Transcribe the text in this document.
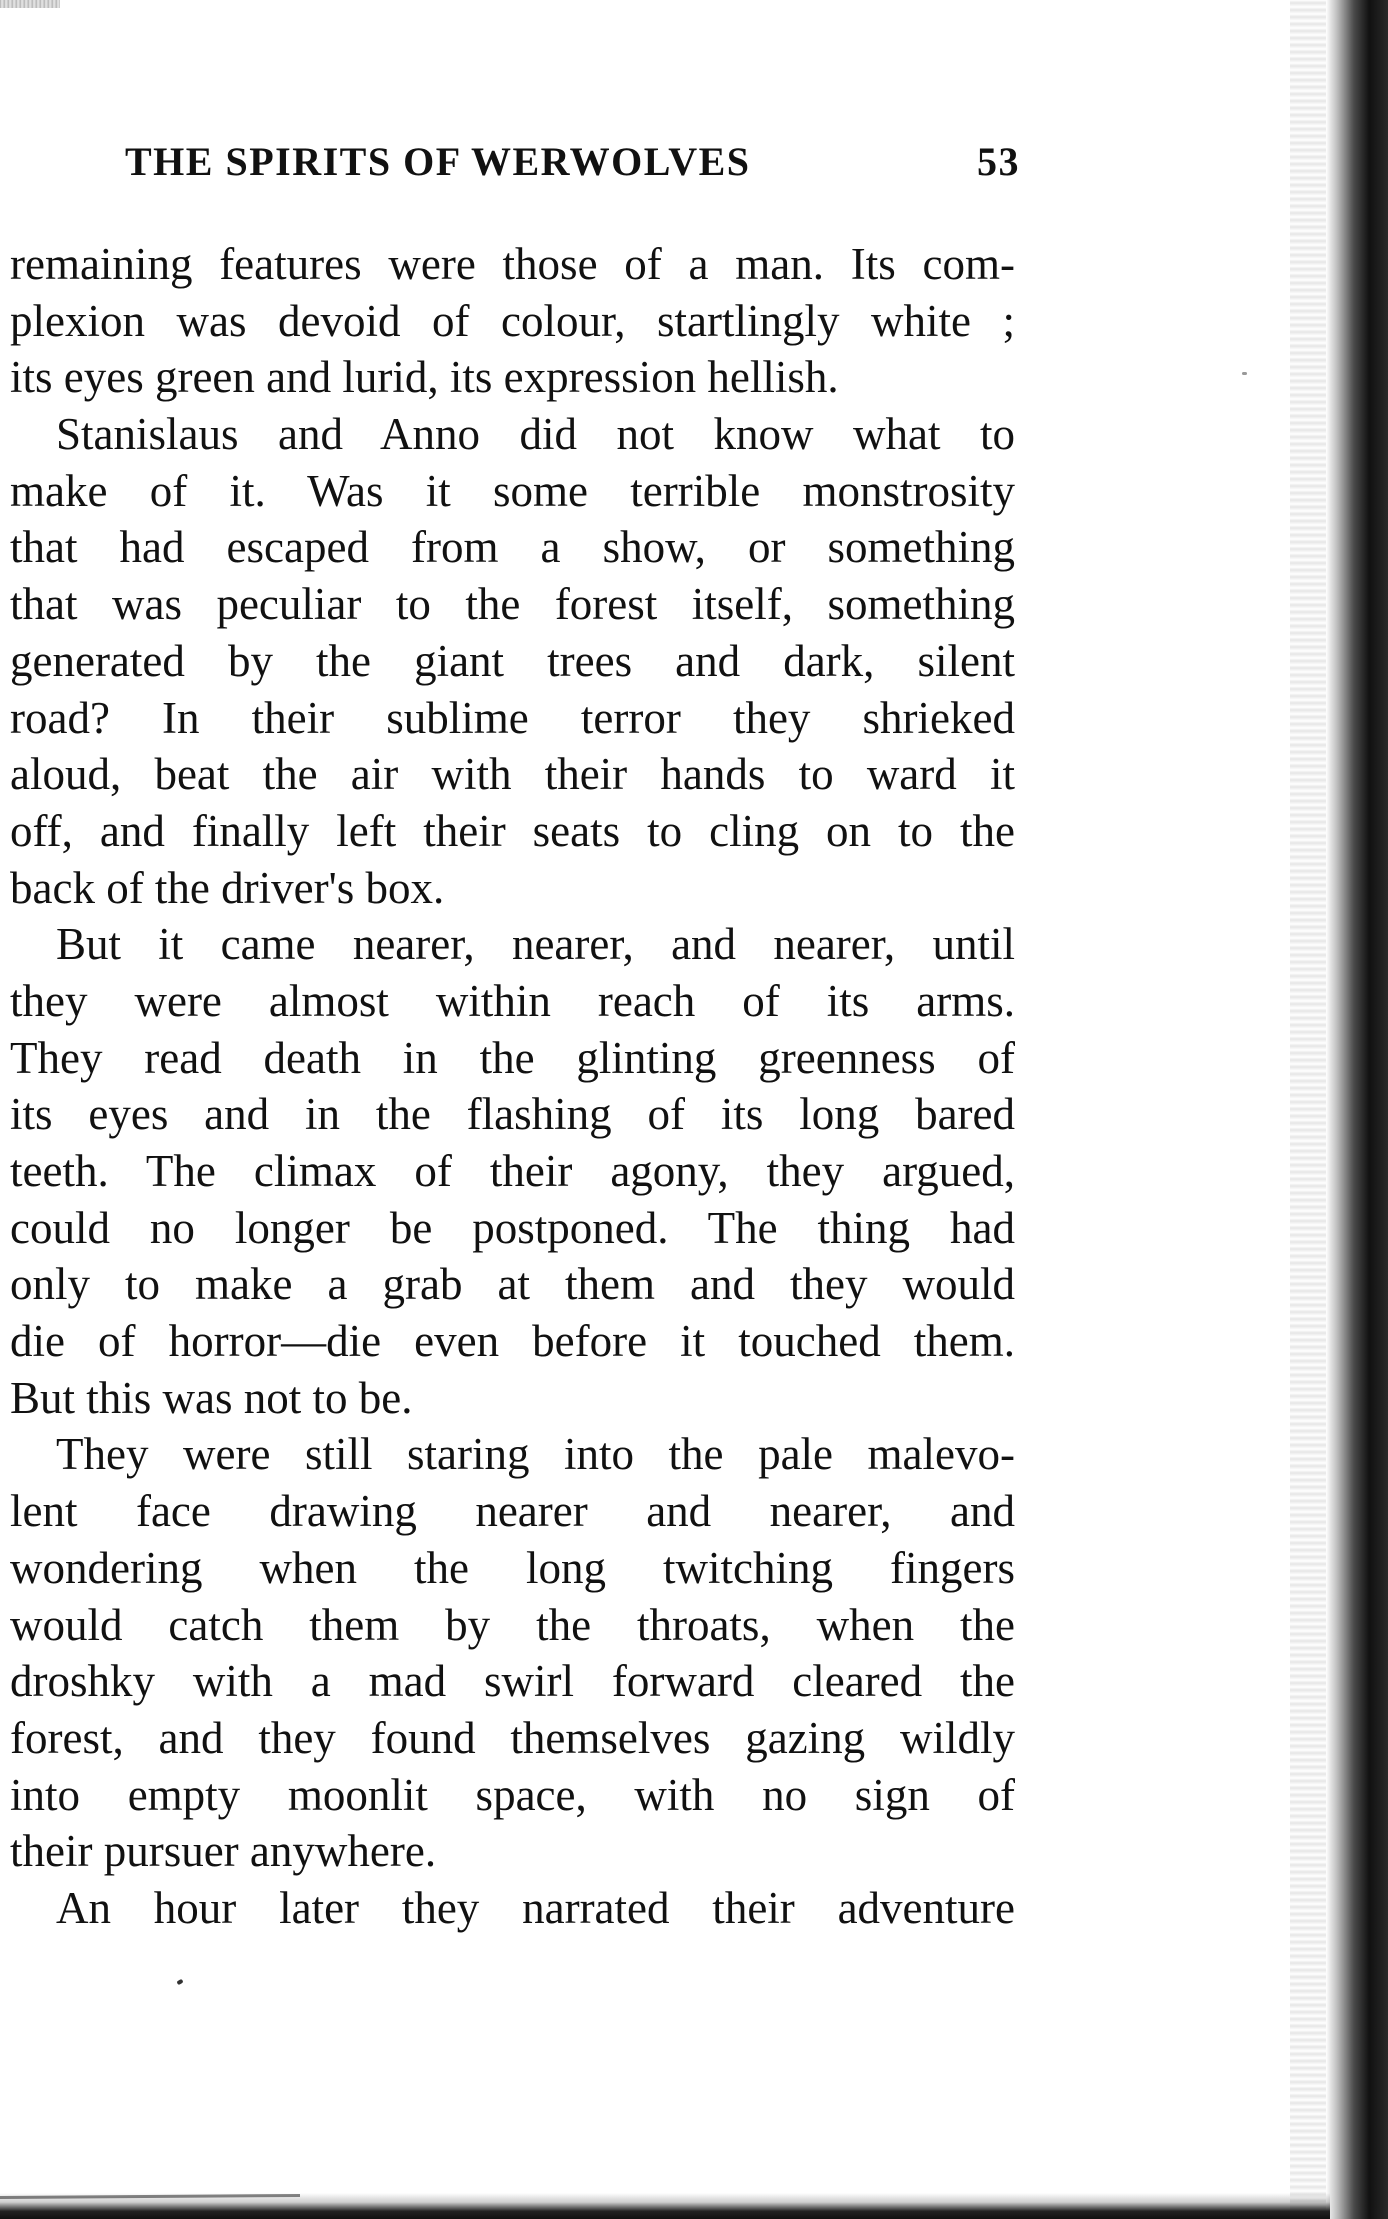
THE SPIRITS OF WERWOLVES	53
remaining features were those of a man. Its com-
plexion was devoid of colour, startlingly white ;
its eyes green and lurid, its expression hellish.
Stanislaus and Anno did not know what to
make of it. Was it some terrible monstrosity
that had escaped from a show, or something
that was peculiar to the forest itself, something
generated by the giant trees and dark, silent
road? In their sublime terror they shrieked
aloud, beat the air with their hands to ward it
off, and finally left their seats to cling on to the
back of the driver's box.
But it came nearer, nearer, and nearer, until
they were almost within reach of its arms.
They read death in the glinting greenness of
its eyes and in the flashing of its long bared
teeth. The climax of their agony, they argued,
could no longer be postponed. The thing had
only to make a grab at them and they would
die of horror—die even before it touched them.
But this was not to be.
They were still staring into the pale malevo-
lent face drawing nearer and nearer, and
wondering when the long twitching fingers
would catch them by the throats, when the
droshky with a mad swirl forward cleared the
forest, and they found themselves gazing wildly
into empty moonlit space, with no sign of
their pursuer anywhere.
An hour later they narrated their adventure
